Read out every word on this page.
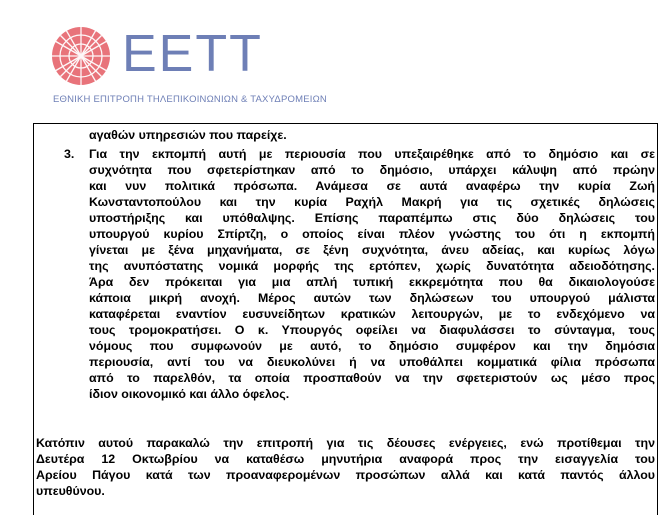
EETT
ΕΘΝΙΚΗ ΕΠΙΤΡΟΠΗ ΤΗΛΕΠΙΚΟΙΝΩΝΙΩΝ & ΤΑΧΥΔΡΟΜΕΙΩΝ
αγαθών υπηρεσιών που παρείχε.
3. Για την εκπομπή αυτή με περιουσία που υπεξαιρέθηκε από το δημόσιο και σε
συχνότητα που σφετερίστηκαν από το δημόσιο, υπάρχει κάλυψη από πρώην
και νυν πολιτικά πρόσωπα. Ανάμεσα σε αυτά αναφέρω την κυρία Ζωή
Κωνσταντοπούλου και την κυρία Ραχήλ Μακρή για τις σχετικές δηλώσεις
υποστήριξης και υπόθαλψης. Επίσης παραπέμπω στις δύο δηλώσεις του
υπουργού κυρίου Σπίρτζη, ο οποίος είναι πλέον γνώστης του ότι η εκπομπή
γίνεται με ξένα μηχανήματα, σε ξένη συχνότητα, άνευ αδείας, και κυρίως λόγω
της ανυπόστατης νομικά μορφής της ερτόπεν, χωρίς δυνατότητα αδειοδότησης.
Άρα δεν πρόκειται για μια απλή τυπική εκκρεμότητα που θα δικαιολογούσε
κάποια μικρή ανοχή. Μέρος αυτών των δηλώσεων του υπουργού μάλιστα
καταφέρεται εναντίον ευσυνείδητων κρατικών λειτουργών, με το ενδεχόμενο να
τους τρομοκρατήσει. Ο κ. Υπουργός οφείλει να διαφυλάσσει το σύνταγμα, τους
νόμους που συμφωνούν με αυτό, το δημόσιο συμφέρον και την δημόσια
περιουσία, αντί του να διευκολύνει ή να υποθάλπει κομματικά φίλια πρόσωπα
από το παρελθόν, τα οποία προσπαθούν να την σφετεριστούν ως μέσο προς
ίδιον οικονομικό και άλλο όφελος.
Κατόπιν αυτού παρακαλώ την επιτροπή για τις δέουσες ενέργειες, ενώ προτίθεμαι την
Δευτέρα 12 Οκτωβρίου να καταθέσω μηνυτήρια αναφορά προς την εισαγγελία του
Αρείου Πάγου κατά των προαναφερομένων προσώπων αλλά και κατά παντός άλλου
υπευθύνου.
